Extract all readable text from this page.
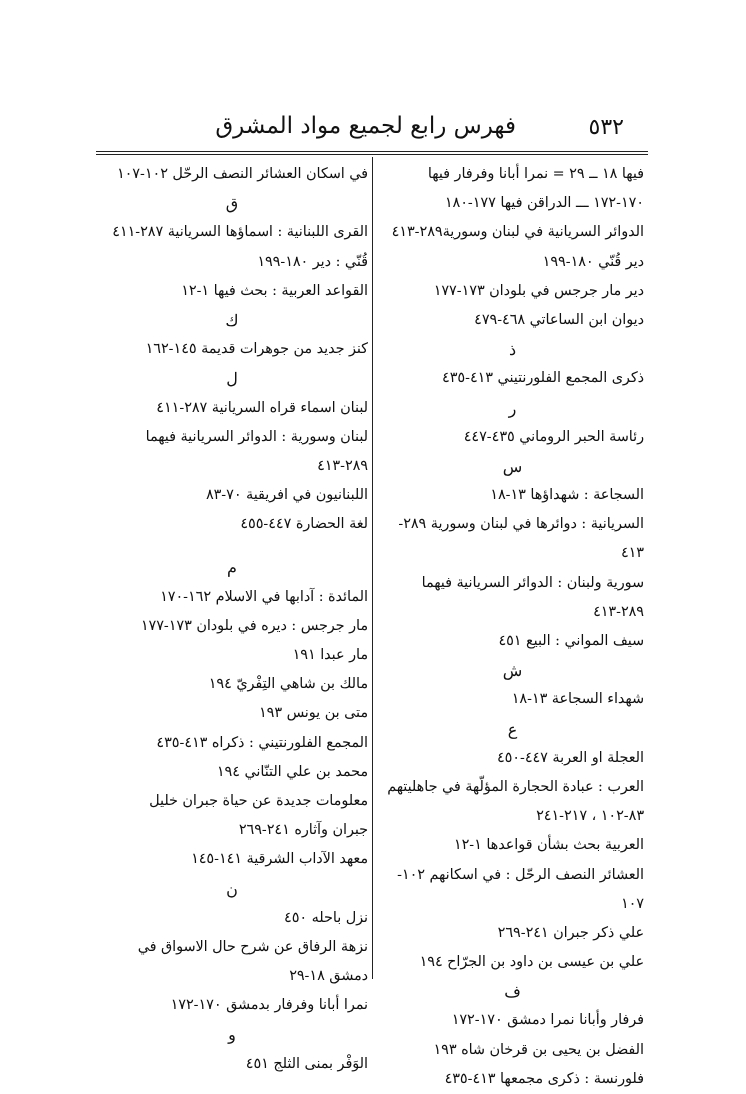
٥٣٢
فهرس رابع لجميع مواد المشرق
فيها ١٨ ــ ٢٩ = نمرا أبانا وفرفار فيها
١٧٠-١٧٢ ـــ الدراقن فيها ١٧٧-١٨٠
الدوائر السريانية في لبنان وسورية٢٨٩-٤١٣
دير قُنّي ١٨٠-١٩٩
دير مار جرجس في بلودان ١٧٣-١٧٧
ديوان ابن الساعاتي ٤٦٨-٤٧٩
ذ
ذكرى المجمع الفلورنتيني ٤١٣-٤٣٥
ر
رئاسة الحبر الروماني ٤٣٥-٤٤٧
س
السجاعة : شهداؤها ١٣-١٨
السريانية : دوائرها في لبنان وسورية ٢٨٩-
٤١٣
سورية ولبنان : الدوائر السريانية فيهما
٢٨٩-٤١٣
سيف المواني : البيع ٤٥١
ش
شهداء السجاعة ١٣-١٨
ع
العجلة او العربة ٤٤٧-٤٥٠
العرب : عبادة الحجارة المؤلّهة في جاهليتهم
٨٣-١٠٢ ، ٢١٧-٢٤١
العربية بحث بشأن قواعدها ١-١٢
العشائر النصف الرحّل : في اسكانهم ١٠٢-
١٠٧
علي ذكر جبران ٢٤١-٢٦٩
علي بن عيسى بن داود بن الجرّاح ١٩٤
ف
فرفار وأبانا نمرا دمشق ١٧٠-١٧٢
الفضل بن يحيى بن قرخان شاه ١٩٣
فلورنسة : ذكرى مجمعها ٤١٣-٤٣٥
في اسكان العشائر النصف الرحّل ١٠٢-١٠٧
ق
القرى اللبنانية : اسماؤها السريانية ٢٨٧-٤١١
قُنّي : دير ١٨٠-١٩٩
القواعد العربية : بحث فيها ١-١٢
ك
كنز جديد من جوهرات قديمة ١٤٥-١٦٢
ل
لبنان اسماء قراه السريانية ٢٨٧-٤١١
لبنان وسورية : الدوائر السريانية فيهما
٢٨٩-٤١٣
اللبنانيون في افريقية ٧٠-٨٣
لغة الحضارة ٤٤٧-٤٥٥
م
المائدة : آدابها في الاسلام ١٦٢-١٧٠
مار جرجس : ديره في بلودان ١٧٣-١٧٧
مار عبدا ١٩١
مالك بن شاهي التِفْريّ ١٩٤
متى بن يونس ١٩٣
المجمع الفلورنتيني : ذكراه ٤١٣-٤٣٥
محمد بن علي التنّاني ١٩٤
معلومات جديدة عن حياة جبران خليل
جبران وآثاره ٢٤١-٢٦٩
معهد الآداب الشرقية ١٤١-١٤٥
ن
نزل باحله ٤٥٠
نزهة الرفاق عن شرح حال الاسواق في
دمشق ١٨-٢٩
نمرا أبانا وفرفار بدمشق ١٧٠-١٧٢
و
الوَفْر بمنى الثلج ٤٥١
